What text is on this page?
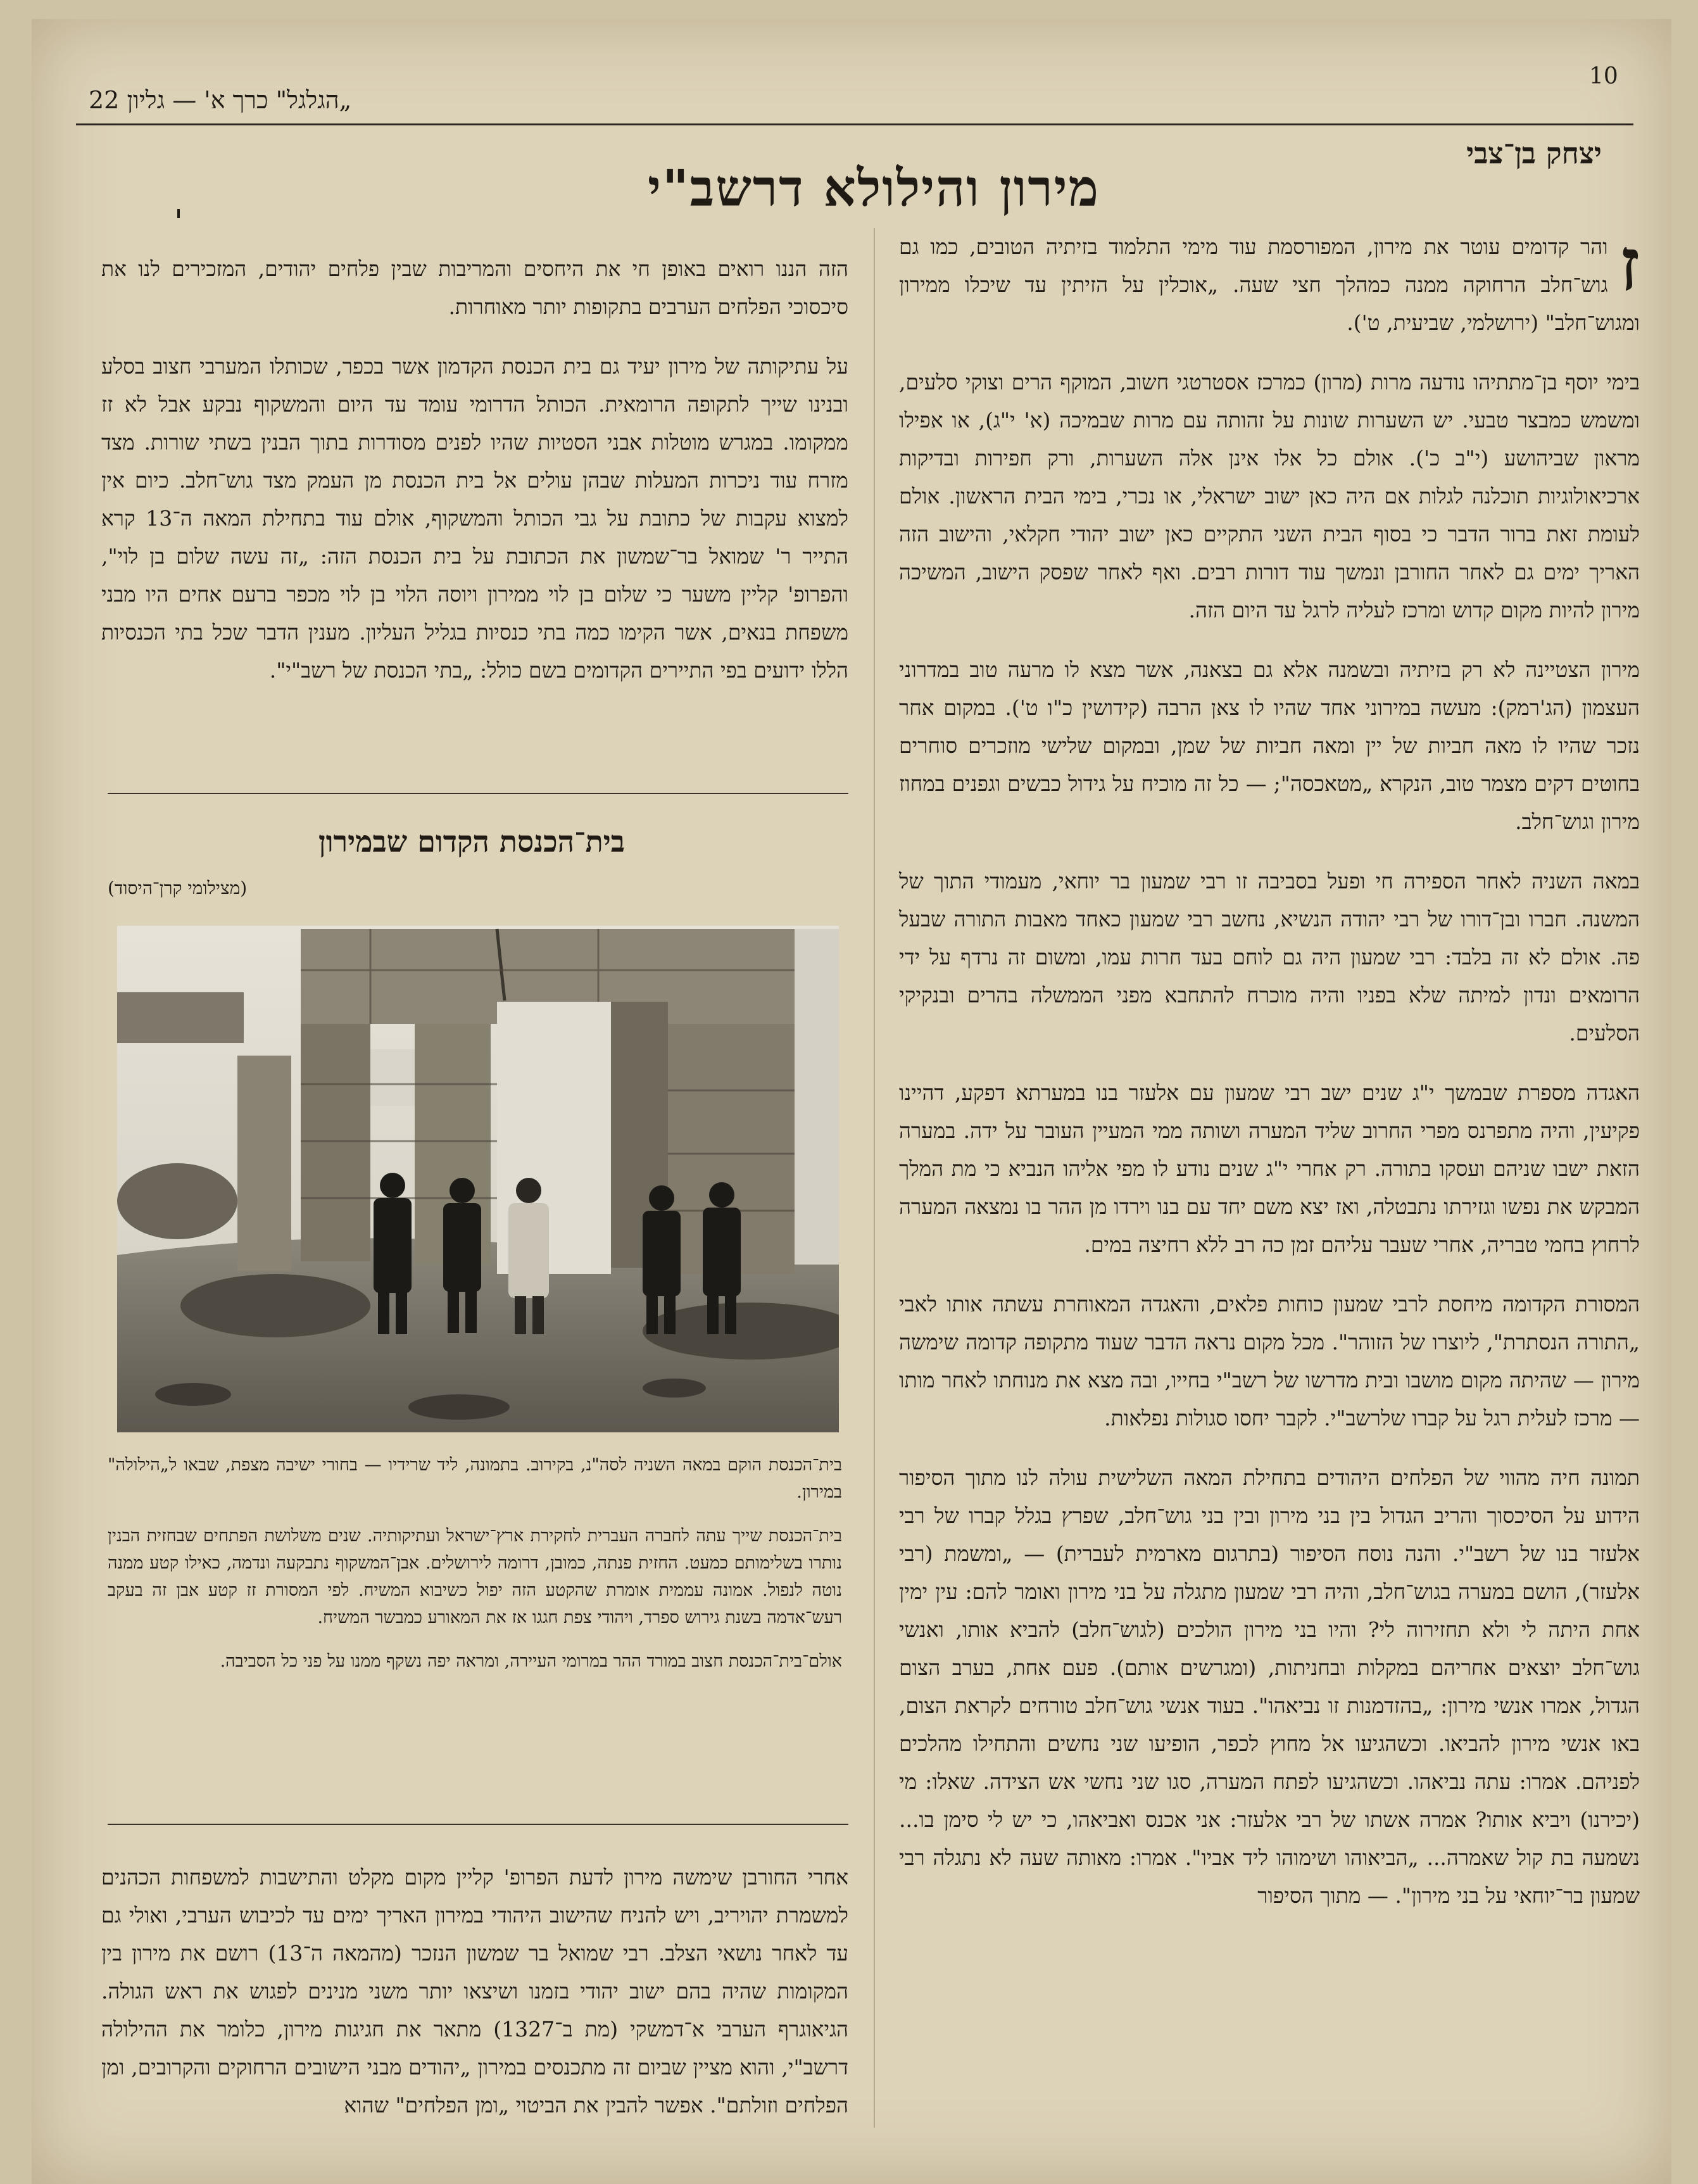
10
„הגלגל" כרך א' — גליון 22
יצחק בן־צבי
מירון והילולא דרשב"י

ז
והר קדומים עוטר את מירון, המפורסמת עוד מימי התלמוד בזיתיה הטובים, כמו גם גוש־חלב הרחוקה ממנה כמהלך חצי שעה. „אוכלין על הזיתין עד שיכלו ממירון ומגוש־חלב" (ירושלמי, שביעית, ט').

בימי יוסף בן־מתתיהו נודעה מרות (מרון) כמרכז אסטרטגי חשוב, המוקף הרים וצוקי סלעים, ומשמש כמבצר טבעי. יש השערות שונות על זהותה עם מרות שבמיכה (א' י"ג), או אפילו מראון שביהושע (י"ב כ'). אולם כל אלו אינן אלה השערות, ורק חפירות ובדיקות ארכיאולוגיות תוכלנה לגלות אם היה כאן ישוב ישראלי, או נכרי, בימי הבית הראשון. אולם לעומת זאת ברור הדבר כי בסוף הבית השני התקיים כאן ישוב יהודי חקלאי, והישוב הזה האריך ימים גם לאחר החורבן ונמשך עוד דורות רבים. ואף לאחר שפסק הישוב, המשיכה מירון להיות מקום קדוש ומרכז לעליה לרגל עד היום הזה.

מירון הצטיינה לא רק בזיתיה ובשמנה אלא גם בצאנה, אשר מצא לו מרעה טוב במדרוני העצמון (הג'רמק): מעשה במירוני אחד שהיו לו צאן הרבה (קידושין כ"ו ט'). במקום אחר נזכר שהיו לו מאה חביות של יין ומאה חביות של שמן, ובמקום שלישי מוזכרים סוחרים בחוטים דקים מצמר טוב, הנקרא „מטאכסה"; — כל זה מוכיח על גידול כבשים וגפנים במחוז מירון וגוש־חלב.

במאה השניה לאחר הספירה חי ופעל בסביבה זו רבי שמעון בר יוחאי, מעמודי התוך של המשנה. חברו ובן־דורו של רבי יהודה הנשיא, נחשב רבי שמעון כאחד מאבות התורה שבעל פה. אולם לא זה בלבד: רבי שמעון היה גם לוחם בעד חרות עמו, ומשום זה נרדף על ידי הרומאים ונדון למיתה שלא בפניו והיה מוכרח להתחבא מפני הממשלה בהרים ובנקיקי הסלעים.

האגדה מספרת שבמשך י"ג שנים ישב רבי שמעון עם אלעזר בנו במערתא דפקע, דהיינו פקיעין, והיה מתפרנס מפרי החרוב שליד המערה ושותה ממי המעיין העובר על ידה. במערה הזאת ישבו שניהם ועסקו בתורה. רק אחרי י"ג שנים נודע לו מפי אליהו הנביא כי מת המלך המבקש את נפשו וגזירתו נתבטלה, ואז יצא משם יחד עם בנו וירדו מן ההר בו נמצאה המערה לרחוץ בחמי טבריה, אחרי שעבר עליהם זמן כה רב ללא רחיצה במים.

המסורת הקדומה מיחסת לרבי שמעון כוחות פלאים, והאגדה המאוחרת עשתה אותו לאבי „התורה הנסתרת", ליוצרו של הזוהר". מכל מקום נראה הדבר שעוד מתקופה קדומה שימשה מירון — שהיתה מקום מושבו ובית מדרשו של רשב"י בחייו, ובה מצא את מנוחתו לאחר מותו — מרכז לעלית רגל על קברו שלרשב"י. לקבר יחסו סגולות נפלאות.

תמונה חיה מהווי של הפלחים היהודים בתחילת המאה השלישית עולה לנו מתוך הסיפור הידוע על הסיכסוך והריב הגדול בין בני מירון ובין בני גוש־חלב, שפרץ בגלל קברו של רבי אלעזר בנו של רשב"י. והנה נוסח הסיפור (בתרגום מארמית לעברית) — „ומשמת (רבי אלעזר), הושם במערה בגוש־חלב, והיה רבי שמעון מתגלה על בני מירון ואומר להם: עין ימין אחת היתה לי ולא תחזירוה לי? והיו בני מירון הולכים (לגוש־חלב) להביא אותו, ואנשי גוש־חלב יוצאים אחריהם במקלות ובחניתות, (ומגרשים אותם). פעם אחת, בערב הצום הגדול, אמרו אנשי מירון: „בהזדמנות זו נביאהו". בעוד אנשי גוש־חלב טורחים לקראת הצום, באו אנשי מירון להביאו. וכשהגיעו אל מחוץ לכפר, הופיעו שני נחשים והתחילו מהלכים לפניהם. אמרו: עתה נביאהו. וכשהגיעו לפתח המערה, סגו שני נחשי אש הצידה. שאלו: מי (יכירנו) ויביא אותו? אמרה אשתו של רבי אלעזר: אני אכנס ואביאהו, כי יש לי סימן בו... נשמעה בת קול שאמרה... „הביאוהו ושימוהו ליד אביו". אמרו: מאותה שעה לא נתגלה רבי שמעון בר־יוחאי על בני מירון". — מתוך הסיפור

הזה הננו רואים באופן חי את היחסים והמריבות שבין פלחים יהודים, המזכירים לנו את סיכסוכי הפלחים הערבים בתקופות יותר מאוחרות.

על עתיקותה של מירון יעיד גם בית הכנסת הקדמון אשר בכפר, שכותלו המערבי חצוב בסלע ובנינו שייך לתקופה הרומאית. הכותל הדרומי עומד עד היום והמשקוף נבקע אבל לא זז ממקומו. במגרש מוטלות אבני הסטיות שהיו לפנים מסודרות בתוך הבנין בשתי שורות. מצד מזרח עוד ניכרות המעלות שבהן עולים אל בית הכנסת מן העמק מצד גוש־חלב. כיום אין למצוא עקבות של כתובת על גבי הכותל והמשקוף, אולם עוד בתחילת המאה ה־13 קרא התייר ר' שמואל בר־שמשון את הכתובת על בית הכנסת הזה: „זה עשה שלום בן לוי", והפרופ' קליין משער כי שלום בן לוי ממירון ויוסה הלוי בן לוי מכפר ברעם אחים היו מבני משפחת בנאים, אשר הקימו כמה בתי כנסיות בגליל העליון. מענין הדבר שכל בתי הכנסיות הללו ידועים בפי התיירים הקדומים בשם כולל: „בתי הכנסת של רשב"י".

בית־הכנסת הקדום שבמירון
(מצילומי קרן־היסוד)

בית־הכנסת הוקם במאה השניה לסה"נ, בקירוב. בתמונה, ליד שרידיו — בחורי ישיבה מצפת, שבאו ל„הילולה" במירון.

בית־הכנסת שייך עתה לחברה העברית לחקירת ארץ־ישראל ועתיקותיה. שנים משלושת הפתחים שבחזית הבנין נותרו בשלימותם כמעט. החזית פנתה, כמובן, דרומה לירושלים. אבן־המשקוף נתבקעה ונדמה, כאילו קטע ממנה נוטה לנפול. אמונה עממית אומרת שהקטע הזה יפול כשיבוא המשיח. לפי המסורת זז קטע אבן זה בעקב רעש־אדמה בשנת גירוש ספרד, ויהודי צפת חגגו אז את המאורע כמבשר המשיח.

אולם־בית־הכנסת חצוב במורד ההר במרומי העיירה, ומראה יפה נשקף ממנו על פני כל הסביבה.

אחרי החורבן שימשה מירון לדעת הפרופ' קליין מקום מקלט והתישבות למשפחות הכהנים למשמרת יהויריב, ויש להניח שהישוב היהודי במירון האריך ימים עד לכיבוש הערבי, ואולי גם עד לאחר נושאי הצלב. רבי שמואל בר שמשון הנזכר (מהמאה ה־13) רושם את מירון בין המקומות שהיה בהם ישוב יהודי בזמנו ושיצאו יותר משני מנינים לפגוש את ראש הגולה. הגיאוגרף הערבי א־דמשקי (מת ב־1327) מתאר את חגיגות מירון, כלומר את ההילולה דרשב"י, והוא מציין שביום זה מתכנסים במירון „יהודים מבני הישובים הרחוקים והקרובים, ומן הפלחים וזולתם". אפשר להבין את הביטוי „ומן הפלחים" שהוא
